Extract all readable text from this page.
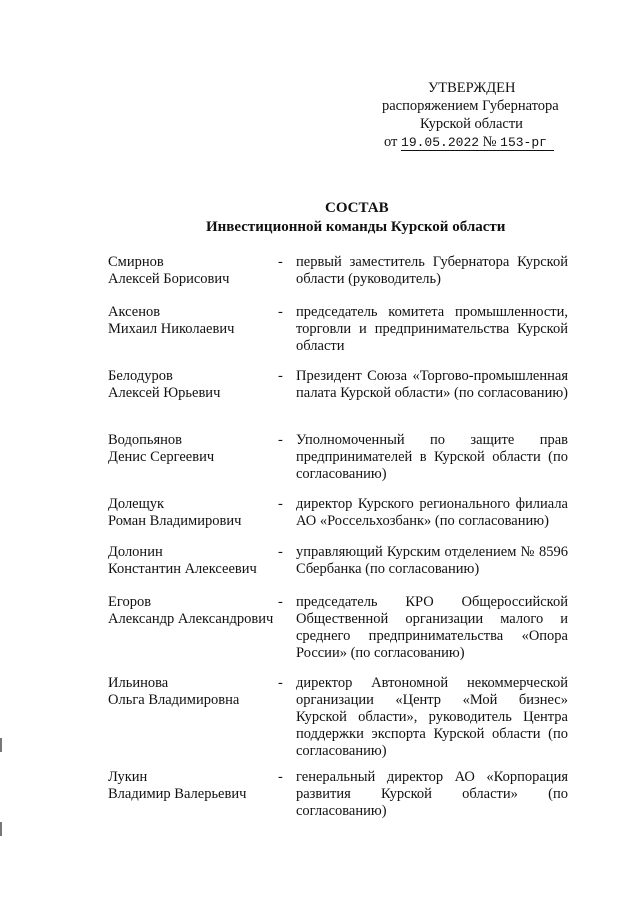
УТВЕРЖДЕН
распоряжением Губернатора
Курской области
от 19.05.2022 № 153-рг
СОСТАВ
Инвестиционной команды Курской области
Смирнов
Алексей Борисович
- первый заместитель Губернатора Курской области (руководитель)
Аксенов
Михаил Николаевич
- председатель комитета промышленности, торговли и предпринимательства Курской области
Белодуров
Алексей Юрьевич
- Президент Союза «Торгово-промышленная палата Курской области» (по согласованию)
Водопьянов
Денис Сергеевич
- Уполномоченный по защите прав предпринимателей в Курской области (по согласованию)
Долещук
Роман Владимирович
- директор Курского регионального филиала АО «Россельхозбанк» (по согласованию)
Долонин
Константин Алексеевич
- управляющий Курским отделением № 8596 Сбербанка (по согласованию)
Егоров
Александр Александрович
- председатель КРО Общероссийской Общественной организации малого и среднего предпринимательства «Опора России» (по согласованию)
Ильинова
Ольга Владимировна
- директор Автономной некоммерческой организации «Центр «Мой бизнес» Курской области», руководитель Центра поддержки экспорта Курской области (по согласованию)
Лукин
Владимир Валерьевич
- генеральный директор АО «Корпорация развития Курской области» (по согласованию)
